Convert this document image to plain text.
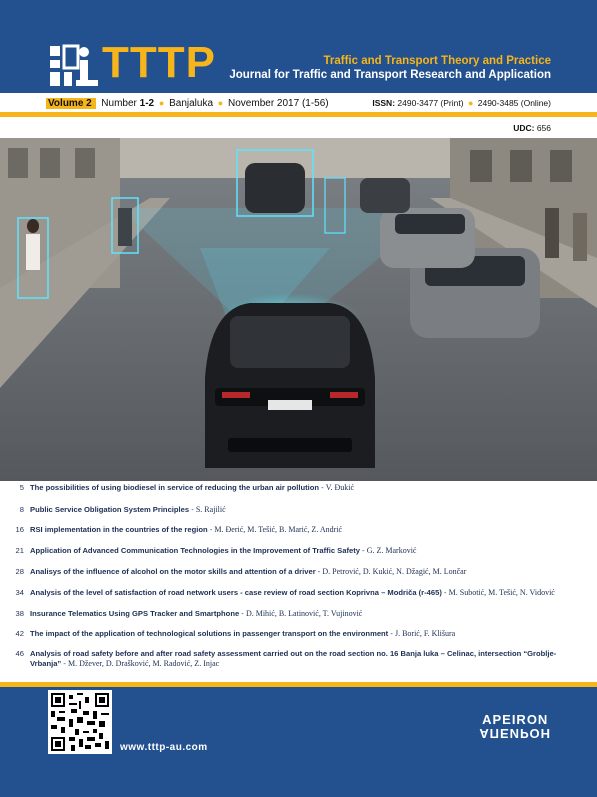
TTTP	Traffic and Transport Theory and Practice
Journal for Traffic and Transport Research and Application
Volume 2 Number 1-2 ● Banjaluka ● November 2017 (1-56)	ISSN: 2490-3477 (Print) ● 2490-3485 (Online)
UDC: 656
5 The possibilities of using biodiesel in service of reducing the urban air pollution - V. Đukić
8 Public Service Obligation System Principles - S. Rajilić
16 RSI implementation in the countries of the region - M. Đerić, M. Tešić, B. Marić, Z. Andrić
21 Application of Advanced Communication Technologies in the Improvement of Traffic Safety - G. Z. Marković
28 Analisys of the influence of alcohol on the motor skills and attention of a driver - D. Petrović, D. Kukić, N. Džagić, M. Lončar
34 Analysis of the level of satisfaction of road network users - case review of road section Koprivna – Modriča (r-465) - M. Subotić, M. Tešić, N. Vidović
38 Insurance Telematics Using GPS Tracker and Smartphone - D. Mihić, B. Latinović, T. Vujinović
42 The impact of the application of technological solutions in passenger transport on the environment - J. Borić, F. Klišura
46 Analysis of road safety before and after road safety assessment carried out on the road section no. 16 Banja luka – Celinac, intersection “Groblje-Vrbanja” - M. Džever, D. Drašković, M. Radović, Z. Injac
www.tttp-au.com
APEIRON
АПЕИРОН
